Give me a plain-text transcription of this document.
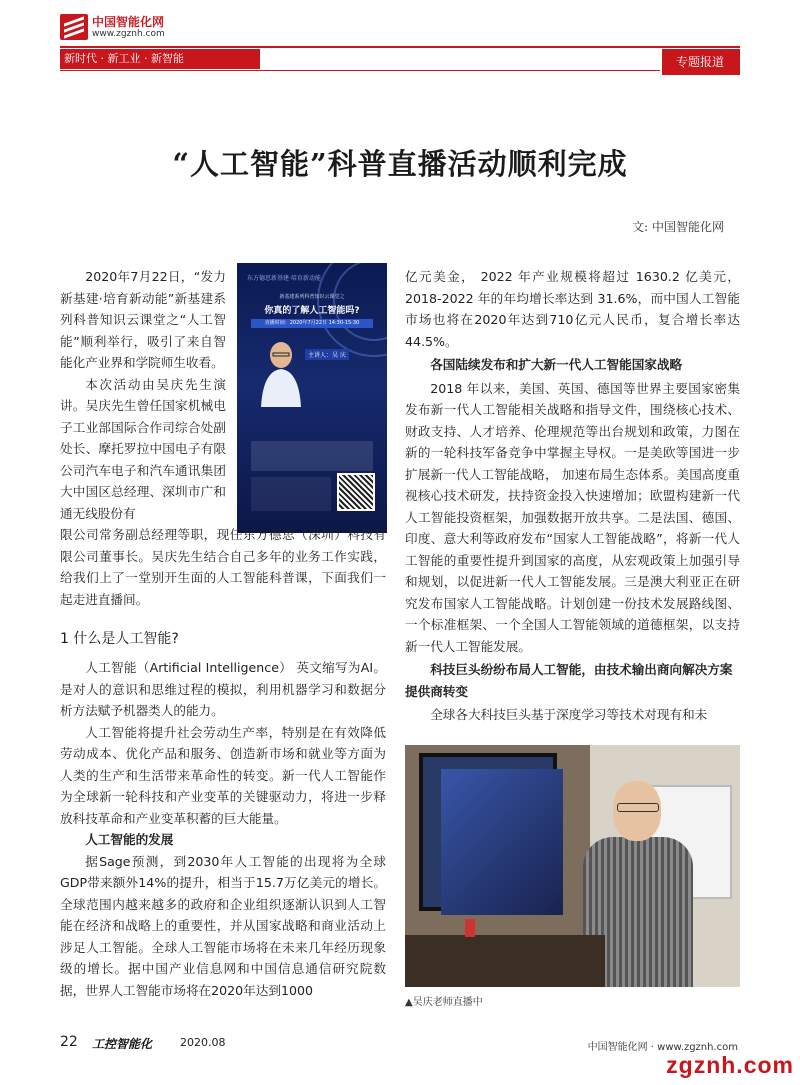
中国智能化网
www.zgznh.com
新时代 · 新工业 · 新智能	专题报道
“人工智能”科普直播活动顺利完成
文: 中国智能化网

2020年7月22日，“发力新基建·培育新动能”新基建系列科普知识云课堂之“人工智能”顺利举行，吸引了来自智能化产业界和学院师生收看。

本次活动由吴庆先生演讲。吴庆先生曾任国家机械电子工业部国际合作司综合处副处长、摩托罗拉中国电子有限公司汽车电子和汽车通讯集团大中国区总经理、深圳市广和通无线股份有

东方德思新基建·培育新动能
新基建系列科普知识云课堂之
你真的了解人工智能吗?
直播时间：2020年7月22日 14:30-15:30
主讲人：吴 庆

限公司常务副总经理等职，现任东方德思（深圳）科技有限公司董事长。吴庆先生结合自己多年的业务工作实践，给我们上了一堂别开生面的人工智能科普课，下面我们一起走进直播间。

1 什么是人工智能?

人工智能（Artificial Intelligence） 英文缩写为AI。是对人的意识和思维过程的模拟，利用机器学习和数据分析方法赋予机器类人的能力。

人工智能将提升社会劳动生产率，特别是在有效降低劳动成本、优化产品和服务、创造新市场和就业等方面为人类的生产和生活带来革命性的转变。新一代人工智能作为全球新一轮科技和产业变革的关键驱动力，将进一步释放科技革命和产业变革积蓄的巨大能量。

人工智能的发展

据Sage预测，到2030年人工智能的出现将为全球GDP带来额外14%的提升，相当于15.7万亿美元的增长。全球范围内越来越多的政府和企业组织逐渐认识到人工智能在经济和战略上的重要性，并从国家战略和商业活动上涉足人工智能。全球人工智能市场将在未来几年经历现象级的增长。据中国产业信息网和中国信息通信研究院数据，世界人工智能市场将在2020年达到1000

亿元美金， 2022 年产业规模将超过 1630.2 亿美元，2018-2022 年的年均增长率达到 31.6%，而中国人工智能市场也将在2020年达到710亿元人民币，复合增长率达44.5%。

各国陆续发布和扩大新一代人工智能国家战略

2018 年以来，美国、英国、德国等世界主要国家密集发布新一代人工智能相关战略和指导文件，围绕核心技术、财政支持、人才培养、伦理规范等出台规划和政策，力图在新的一轮科技军备竞争中掌握主导权。一是美欧等国进一步扩展新一代人工智能战略， 加速布局生态体系。美国高度重视核心技术研发，扶持资金投入快速增加；欧盟构建新一代人工智能投资框架，加强数据开放共享。二是法国、德国、印度、意大利等政府发布“国家人工智能战略”，将新一代人工智能的重要性提升到国家的高度，从宏观政策上加强引导和规划，以促进新一代人工智能发展。三是澳大利亚正在研究发布国家人工智能战略。计划创建一份技术发展路线图、一个标准框架、一个全国人工智能领域的道德框架，以支持新一代人工智能发展。

科技巨头纷纷布局人工智能，由技术输出商向解决方案提供商转变

全球各大科技巨头基于深度学习等技术对现有和未

▲吴庆老师直播中
22 工控智能化	2020.08	中国智能化网 · www.zgznh.com
zgznh.com
